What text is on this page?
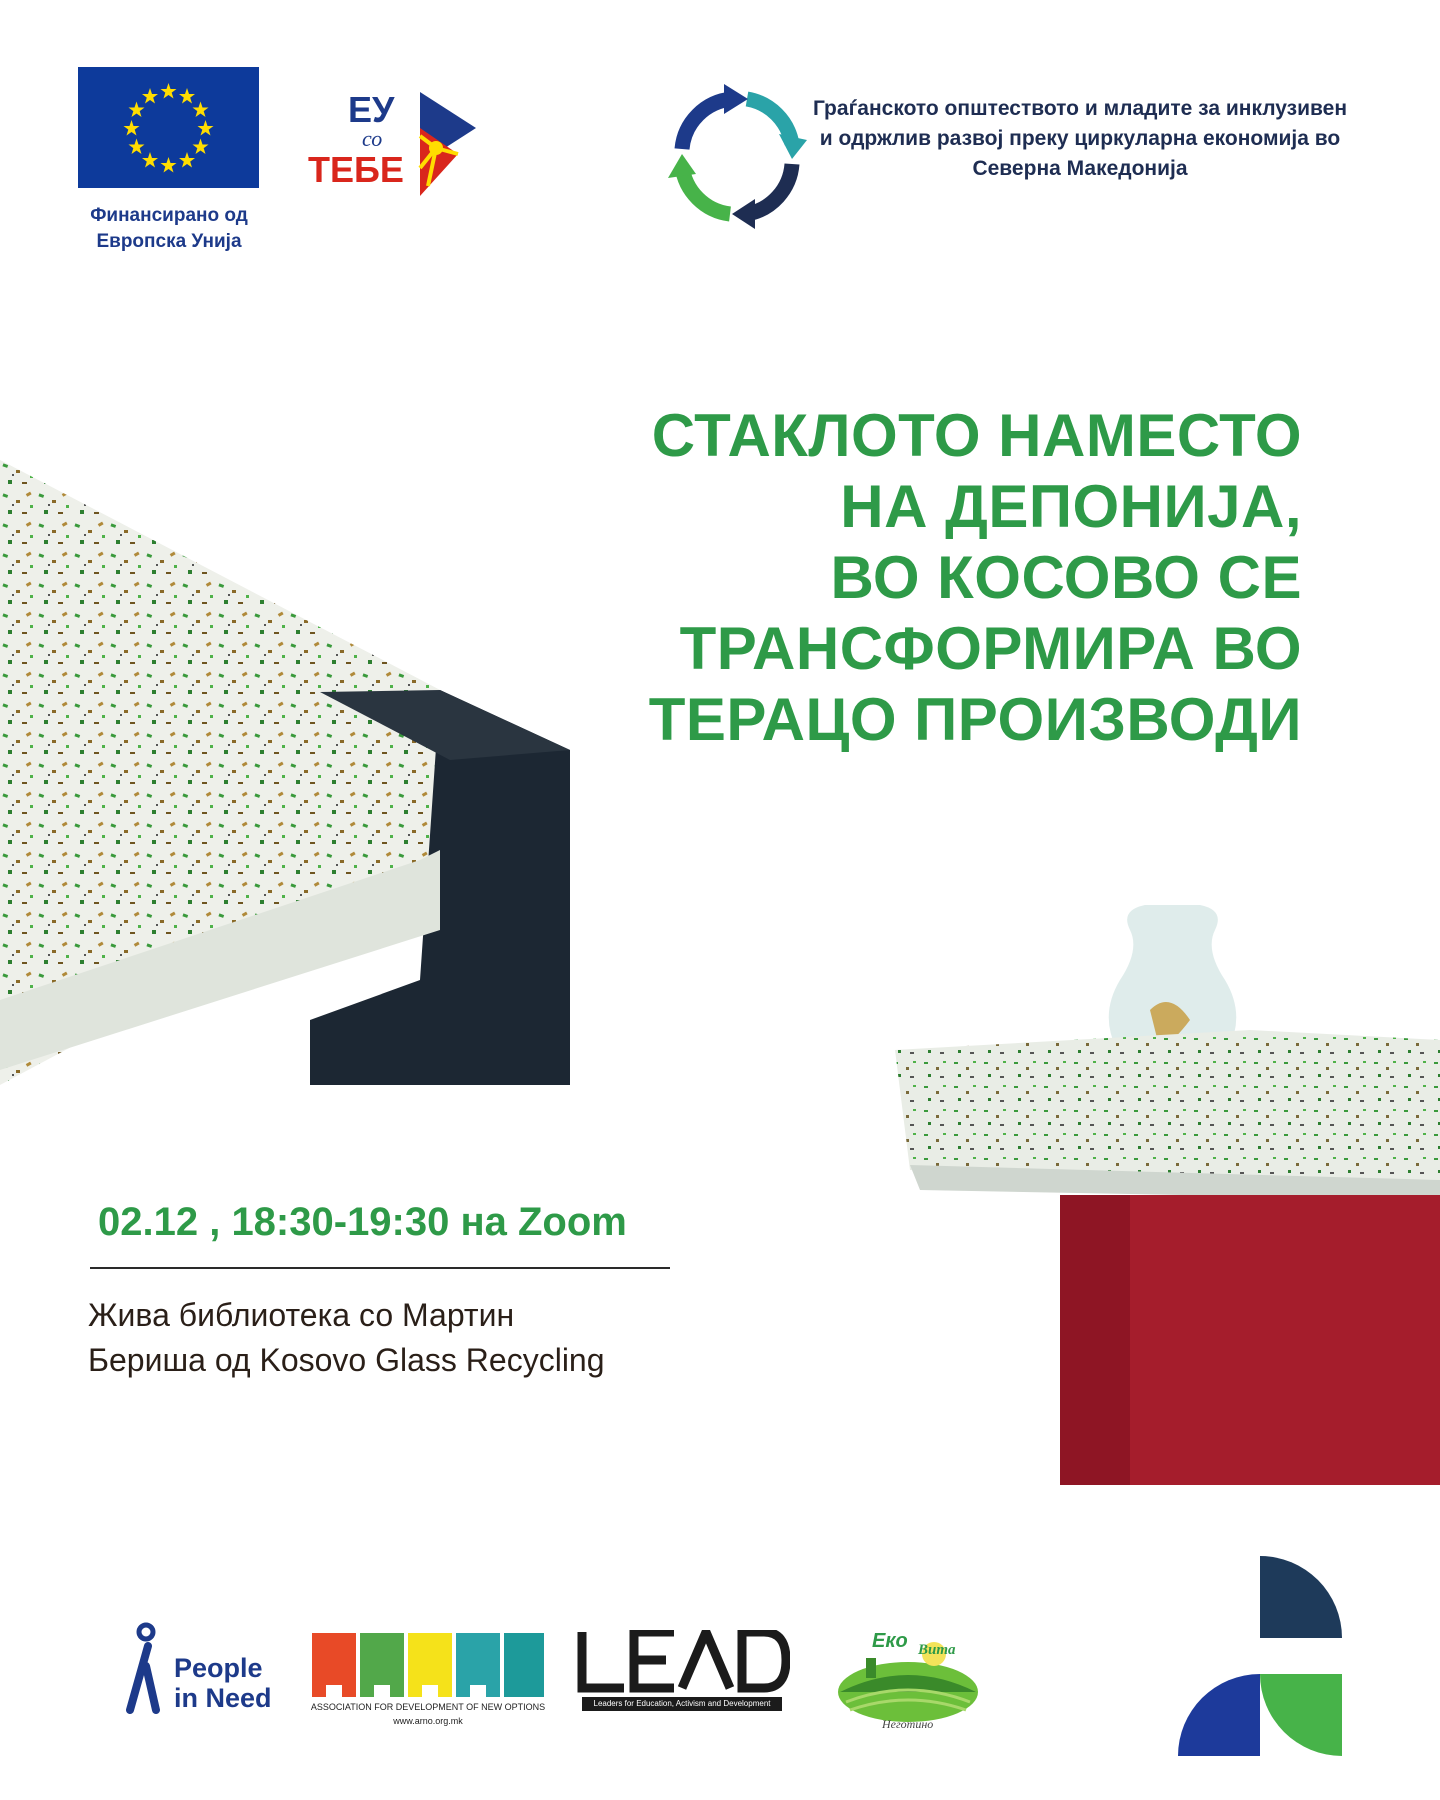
Финансирано од
Европска Унија
ЕУ
со
ТЕБЕ
Граѓанското општеството и младите за инклузивен и одржлив развој преку циркуларна економија во Северна Македонија
СТАКЛОТО НАМЕСТО
НА ДЕПОНИЈА,
ВО КОСОВО СЕ
ТРАНСФОРМИРА ВО
ТЕРАЦО ПРОИЗВОДИ
02.12 , 18:30-19:30 на Zoom
Жива библиотека со Мартин
Бериша од Kosovo Glass Recycling
People
in Need	ASSOCIATION FOR DEVELOPMENT OF NEW OPTIONS
www.arno.org.mk
Leaders for Education, Activism and Development
Еко Вита
Неготино
